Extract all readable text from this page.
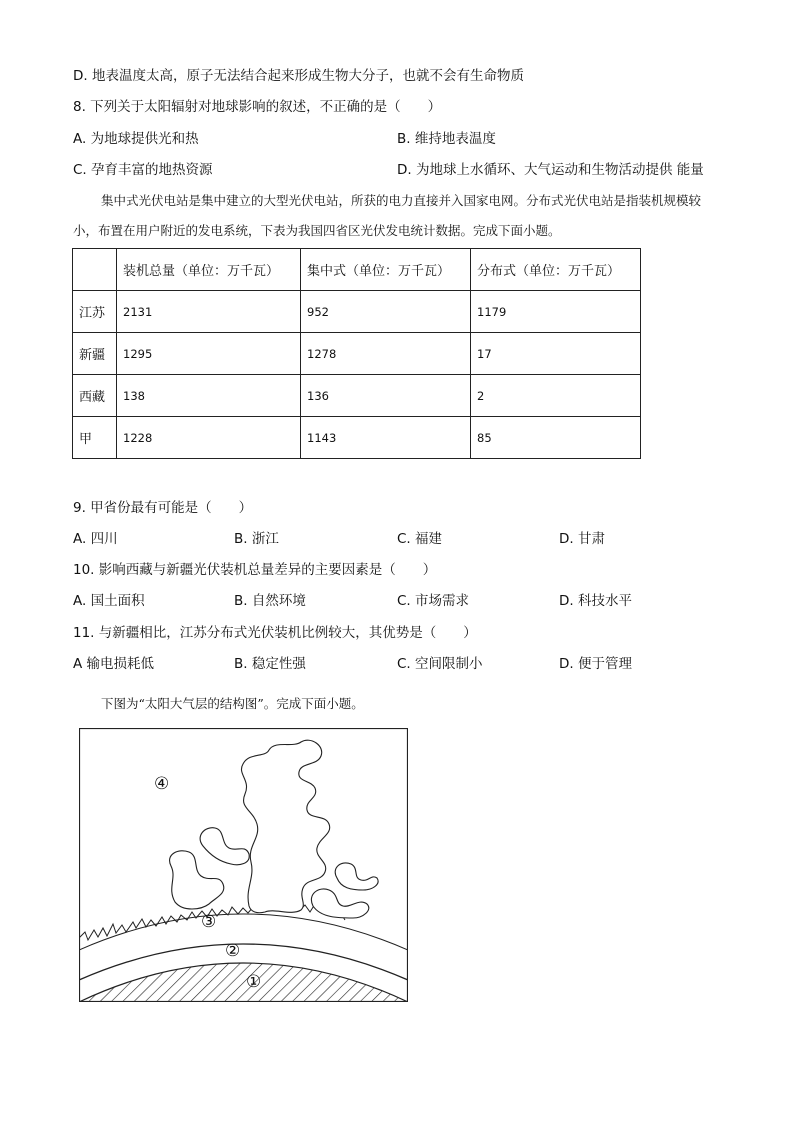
D. 地表温度太高，原子无法结合起来形成生物大分子，也就不会有生命物质
8. 下列关于太阳辐射对地球影响的叙述，不正确的是（　　）
A. 为地球提供光和热	B. 维持地表温度
C. 孕育丰富的地热资源	D. 为地球上水循环、大气运动和生物活动提供 能量
集中式光伏电站是集中建立的大型光伏电站，所获的电力直接并入国家电网。分布式光伏电站是指装机规模较小，布置在用户附近的发电系统，下表为我国四省区光伏发电统计数据。完成下面小题。
	装机总量（单位：万千瓦）	集中式（单位：万千瓦）	分布式（单位：万千瓦）
江苏	2131	952	1179
新疆	1295	1278	17
西藏	138	136	2
甲	1228	1143	85
9. 甲省份最有可能是（　　）
A. 四川	B. 浙江	C. 福建	D. 甘肃
10. 影响西藏与新疆光伏装机总量差异的主要因素是（　　）
A. 国土面积	B. 自然环境	C. 市场需求	D. 科技水平
11. 与新疆相比，江苏分布式光伏装机比例较大，其优势是（　　）
A 输电损耗低	B. 稳定性强	C. 空间限制小	D. 便于管理
下图为“太阳大气层的结构图”。完成下面小题。
④
③
②
①
